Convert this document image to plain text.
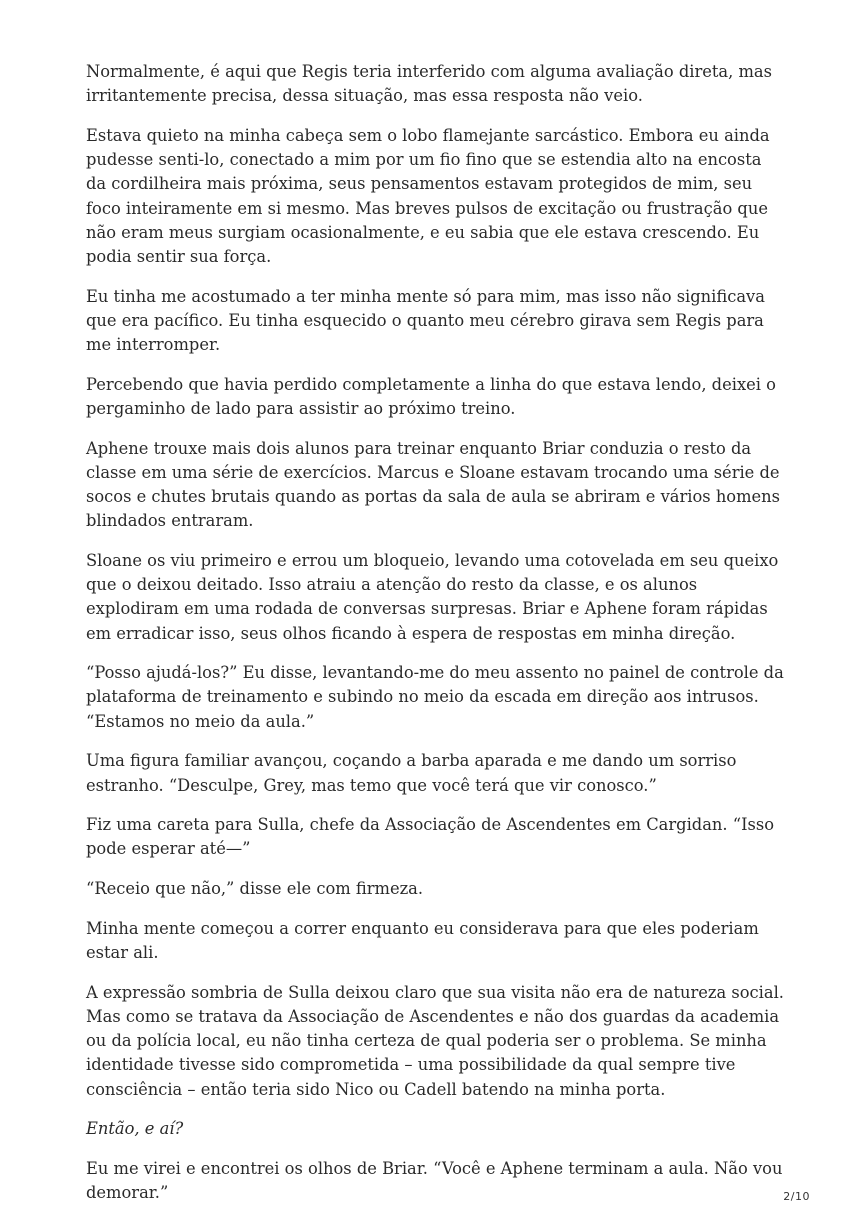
Normalmente, é aqui que Regis teria interferido com alguma avaliação direta, mas irritantemente precisa, dessa situação, mas essa resposta não veio.

Estava quieto na minha cabeça sem o lobo flamejante sarcástico. Embora eu ainda pudesse senti-lo, conectado a mim por um fio fino que se estendia alto na encosta da cordilheira mais próxima, seus pensamentos estavam protegidos de mim, seu foco inteiramente em si mesmo. Mas breves pulsos de excitação ou frustração que não eram meus surgiam ocasionalmente, e eu sabia que ele estava crescendo. Eu podia sentir sua força.

Eu tinha me acostumado a ter minha mente só para mim, mas isso não significava que era pacífico. Eu tinha esquecido o quanto meu cérebro girava sem Regis para me interromper.

Percebendo que havia perdido completamente a linha do que estava lendo, deixei o pergaminho de lado para assistir ao próximo treino.

Aphene trouxe mais dois alunos para treinar enquanto Briar conduzia o resto da classe em uma série de exercícios. Marcus e Sloane estavam trocando uma série de socos e chutes brutais quando as portas da sala de aula se abriram e vários homens blindados entraram.

Sloane os viu primeiro e errou um bloqueio, levando uma cotovelada em seu queixo que o deixou deitado. Isso atraiu a atenção do resto da classe, e os alunos explodiram em uma rodada de conversas surpresas. Briar e Aphene foram rápidas em erradicar isso, seus olhos ficando à espera de respostas em minha direção.

“Posso ajudá-los?” Eu disse, levantando-me do meu assento no painel de controle da plataforma de treinamento e subindo no meio da escada em direção aos intrusos. “Estamos no meio da aula.”

Uma figura familiar avançou, coçando a barba aparada e me dando um sorriso estranho. “Desculpe, Grey, mas temo que você terá que vir conosco.”

Fiz uma careta para Sulla, chefe da Associação de Ascendentes em Cargidan. “Isso pode esperar até—”

“Receio que não,” disse ele com firmeza.

Minha mente começou a correr enquanto eu considerava para que eles poderiam estar ali.

A expressão sombria de Sulla deixou claro que sua visita não era de natureza social. Mas como se tratava da Associação de Ascendentes e não dos guardas da academia ou da polícia local, eu não tinha certeza de qual poderia ser o problema. Se minha identidade tivesse sido comprometida – uma possibilidade da qual sempre tive consciência – então teria sido Nico ou Cadell batendo na minha porta.

Então, e aí?

Eu me virei e encontrei os olhos de Briar. “Você e Aphene terminam a aula. Não vou demorar.”	2/10
